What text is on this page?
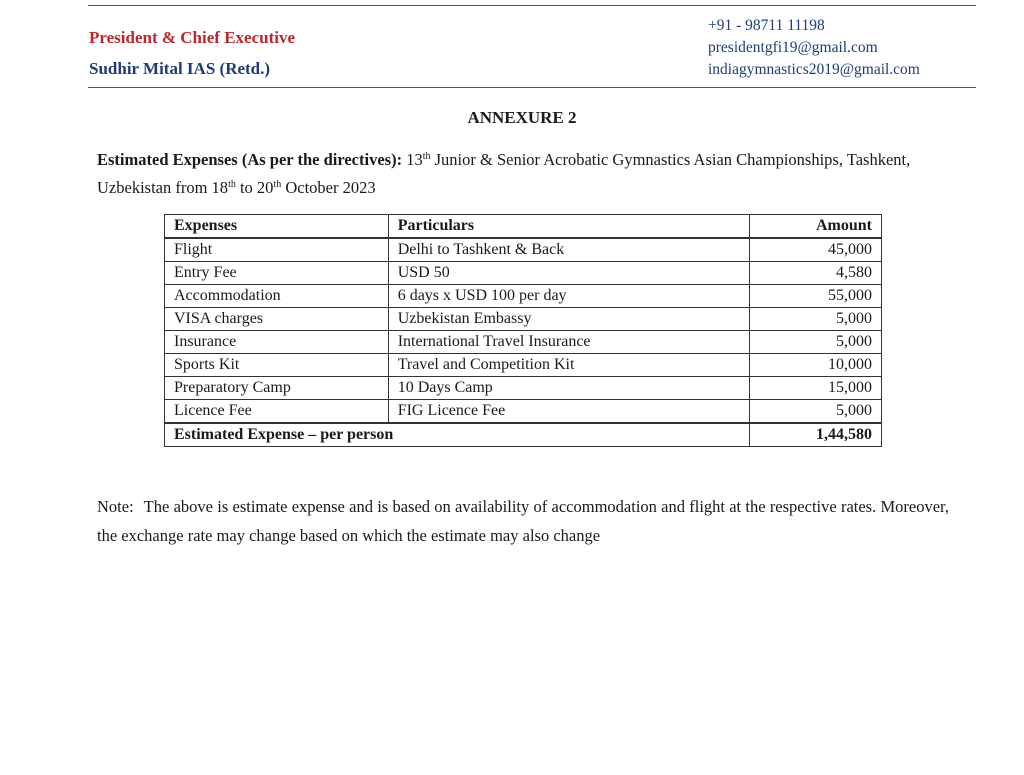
President & Chief Executive
Sudhir Mital IAS (Retd.)
+91 - 98711 11198
presidentgfi19@gmail.com
indiagymnastics2019@gmail.com
ANNEXURE 2
Estimated Expenses (As per the directives): 13th Junior & Senior Acrobatic Gymnastics Asian Championships, Tashkent, Uzbekistan from 18th to 20th October 2023
Expenses	Particulars	Amount
Flight	Delhi to Tashkent & Back	45,000
Entry Fee	USD 50	4,580
Accommodation	6 days x USD 100 per day	55,000
VISA charges	Uzbekistan Embassy	5,000
Insurance	International Travel Insurance	5,000
Sports Kit	Travel and Competition Kit	10,000
Preparatory Camp	10 Days Camp	15,000
Licence Fee	FIG Licence Fee	5,000
Estimated Expense – per person		1,44,580
Note: The above is estimate expense and is based on availability of accommodation and flight at the respective rates. Moreover, the exchange rate may change based on which the estimate may also change
